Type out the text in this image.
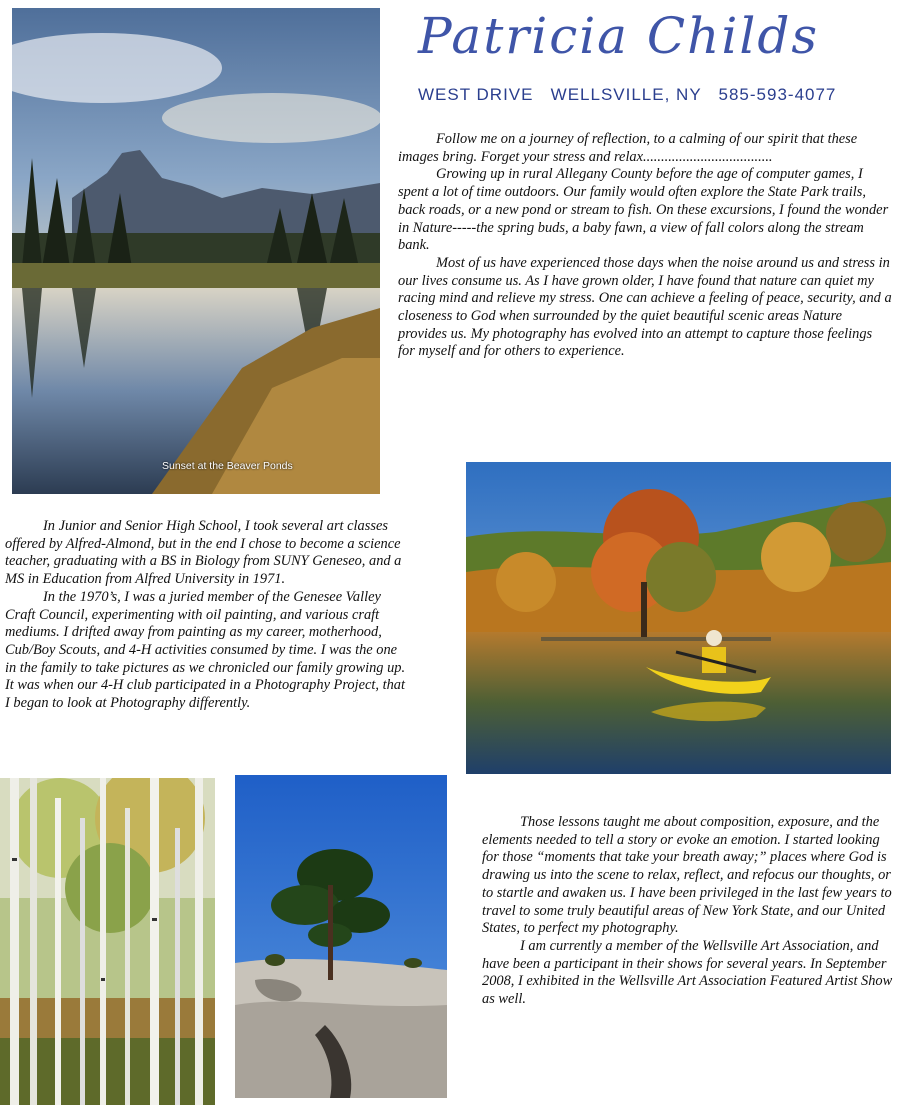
Patricia Childs
WEST DRIVE   WELLSVILLE, NY   585-593-4077
Sunset at the Beaver Ponds

Follow me on a journey of reflection, to a calming of our spirit that these images bring. Forget your stress and relax....................................

Growing up in rural Allegany County before the age of computer games, I spent a lot of time outdoors. Our family would often explore the State Park trails, back roads, or a new pond or stream to fish. On these excursions, I found the wonder in Nature-----the spring buds, a baby fawn, a view of fall colors along the stream bank.

Most of us have experienced those days when the noise around us and stress in our lives consume us. As I have grown older, I have found that nature can quiet my racing mind and relieve my stress. One can achieve a feeling of peace, security, and a closeness to God when surrounded by the quiet beautiful scenic areas Nature provides us. My photography has evolved into an attempt to capture those feelings for myself and for others to experience.

In Junior and Senior High School, I took several art classes offered by Alfred-Almond, but in the end I chose to become a science teacher, graduating with a BS in Biology from SUNY Geneseo, and a MS in Education from Alfred University in 1971.

In the 1970’s, I was a juried member of the Genesee Valley Craft Council, experimenting with oil painting, and various craft mediums. I drifted away from painting as my career, motherhood, Cub/Boy Scouts, and 4-H activities consumed by time. I was the one in the family to take pictures as we chronicled our family growing up. It was when our 4-H club participated in a Photography Project, that I began to look at Photography differently.

Those lessons taught me about composition, exposure, and the elements needed to tell a story or evoke an emotion. I started looking for those “moments that take your breath away;” places where God is drawing us into the scene to relax, reflect, and refocus our thoughts, or to startle and awaken us. I have been privileged in the last few years to travel to some truly beautiful areas of New York State, and our United States, to perfect my photography.

I am currently a member of the Wellsville Art Association, and have been a participant in their shows for several years. In September 2008, I exhibited in the Wellsville Art Association Featured Artist Show as well.
